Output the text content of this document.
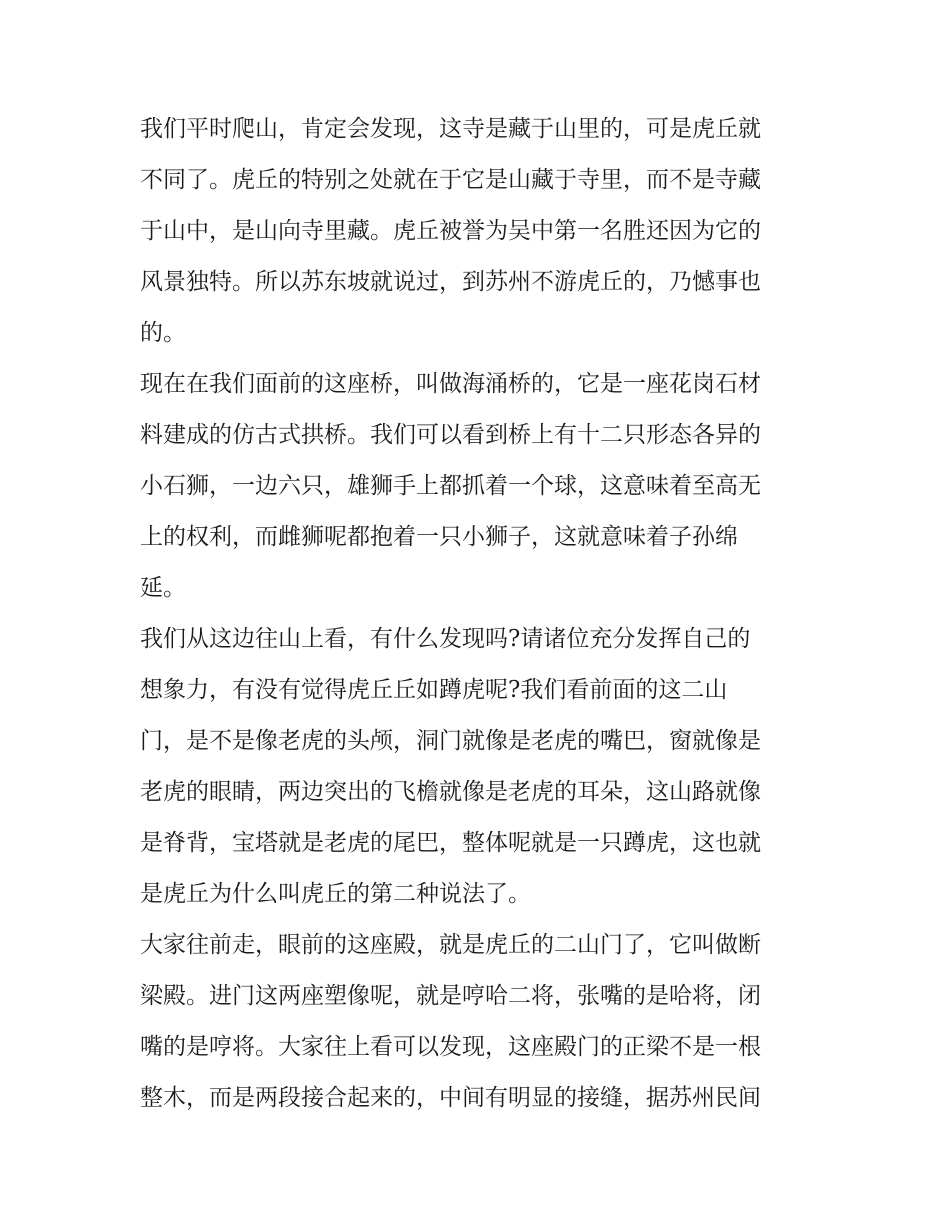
我们平时爬山，肯定会发现，这寺是藏于山里的，可是虎丘就
不同了。虎丘的特别之处就在于它是山藏于寺里，而不是寺藏
于山中，是山向寺里藏。虎丘被誉为吴中第一名胜还因为它的
风景独特。所以苏东坡就说过，到苏州不游虎丘的，乃憾事也
的。
现在在我们面前的这座桥，叫做海涌桥的，它是一座花岗石材
料建成的仿古式拱桥。我们可以看到桥上有十二只形态各异的
小石狮，一边六只，雄狮手上都抓着一个球，这意味着至高无
上的权利，而雌狮呢都抱着一只小狮子，这就意味着子孙绵
延。
我们从这边往山上看，有什么发现吗?请诸位充分发挥自己的
想象力，有没有觉得虎丘丘如蹲虎呢?我们看前面的这二山
门，是不是像老虎的头颅，洞门就像是老虎的嘴巴，窗就像是
老虎的眼睛，两边突出的飞檐就像是老虎的耳朵，这山路就像
是脊背，宝塔就是老虎的尾巴，整体呢就是一只蹲虎，这也就
是虎丘为什么叫虎丘的第二种说法了。
大家往前走，眼前的这座殿，就是虎丘的二山门了，它叫做断
梁殿。进门这两座塑像呢，就是哼哈二将，张嘴的是哈将，闭
嘴的是哼将。大家往上看可以发现，这座殿门的正梁不是一根
整木，而是两段接合起来的，中间有明显的接缝，据苏州民间
